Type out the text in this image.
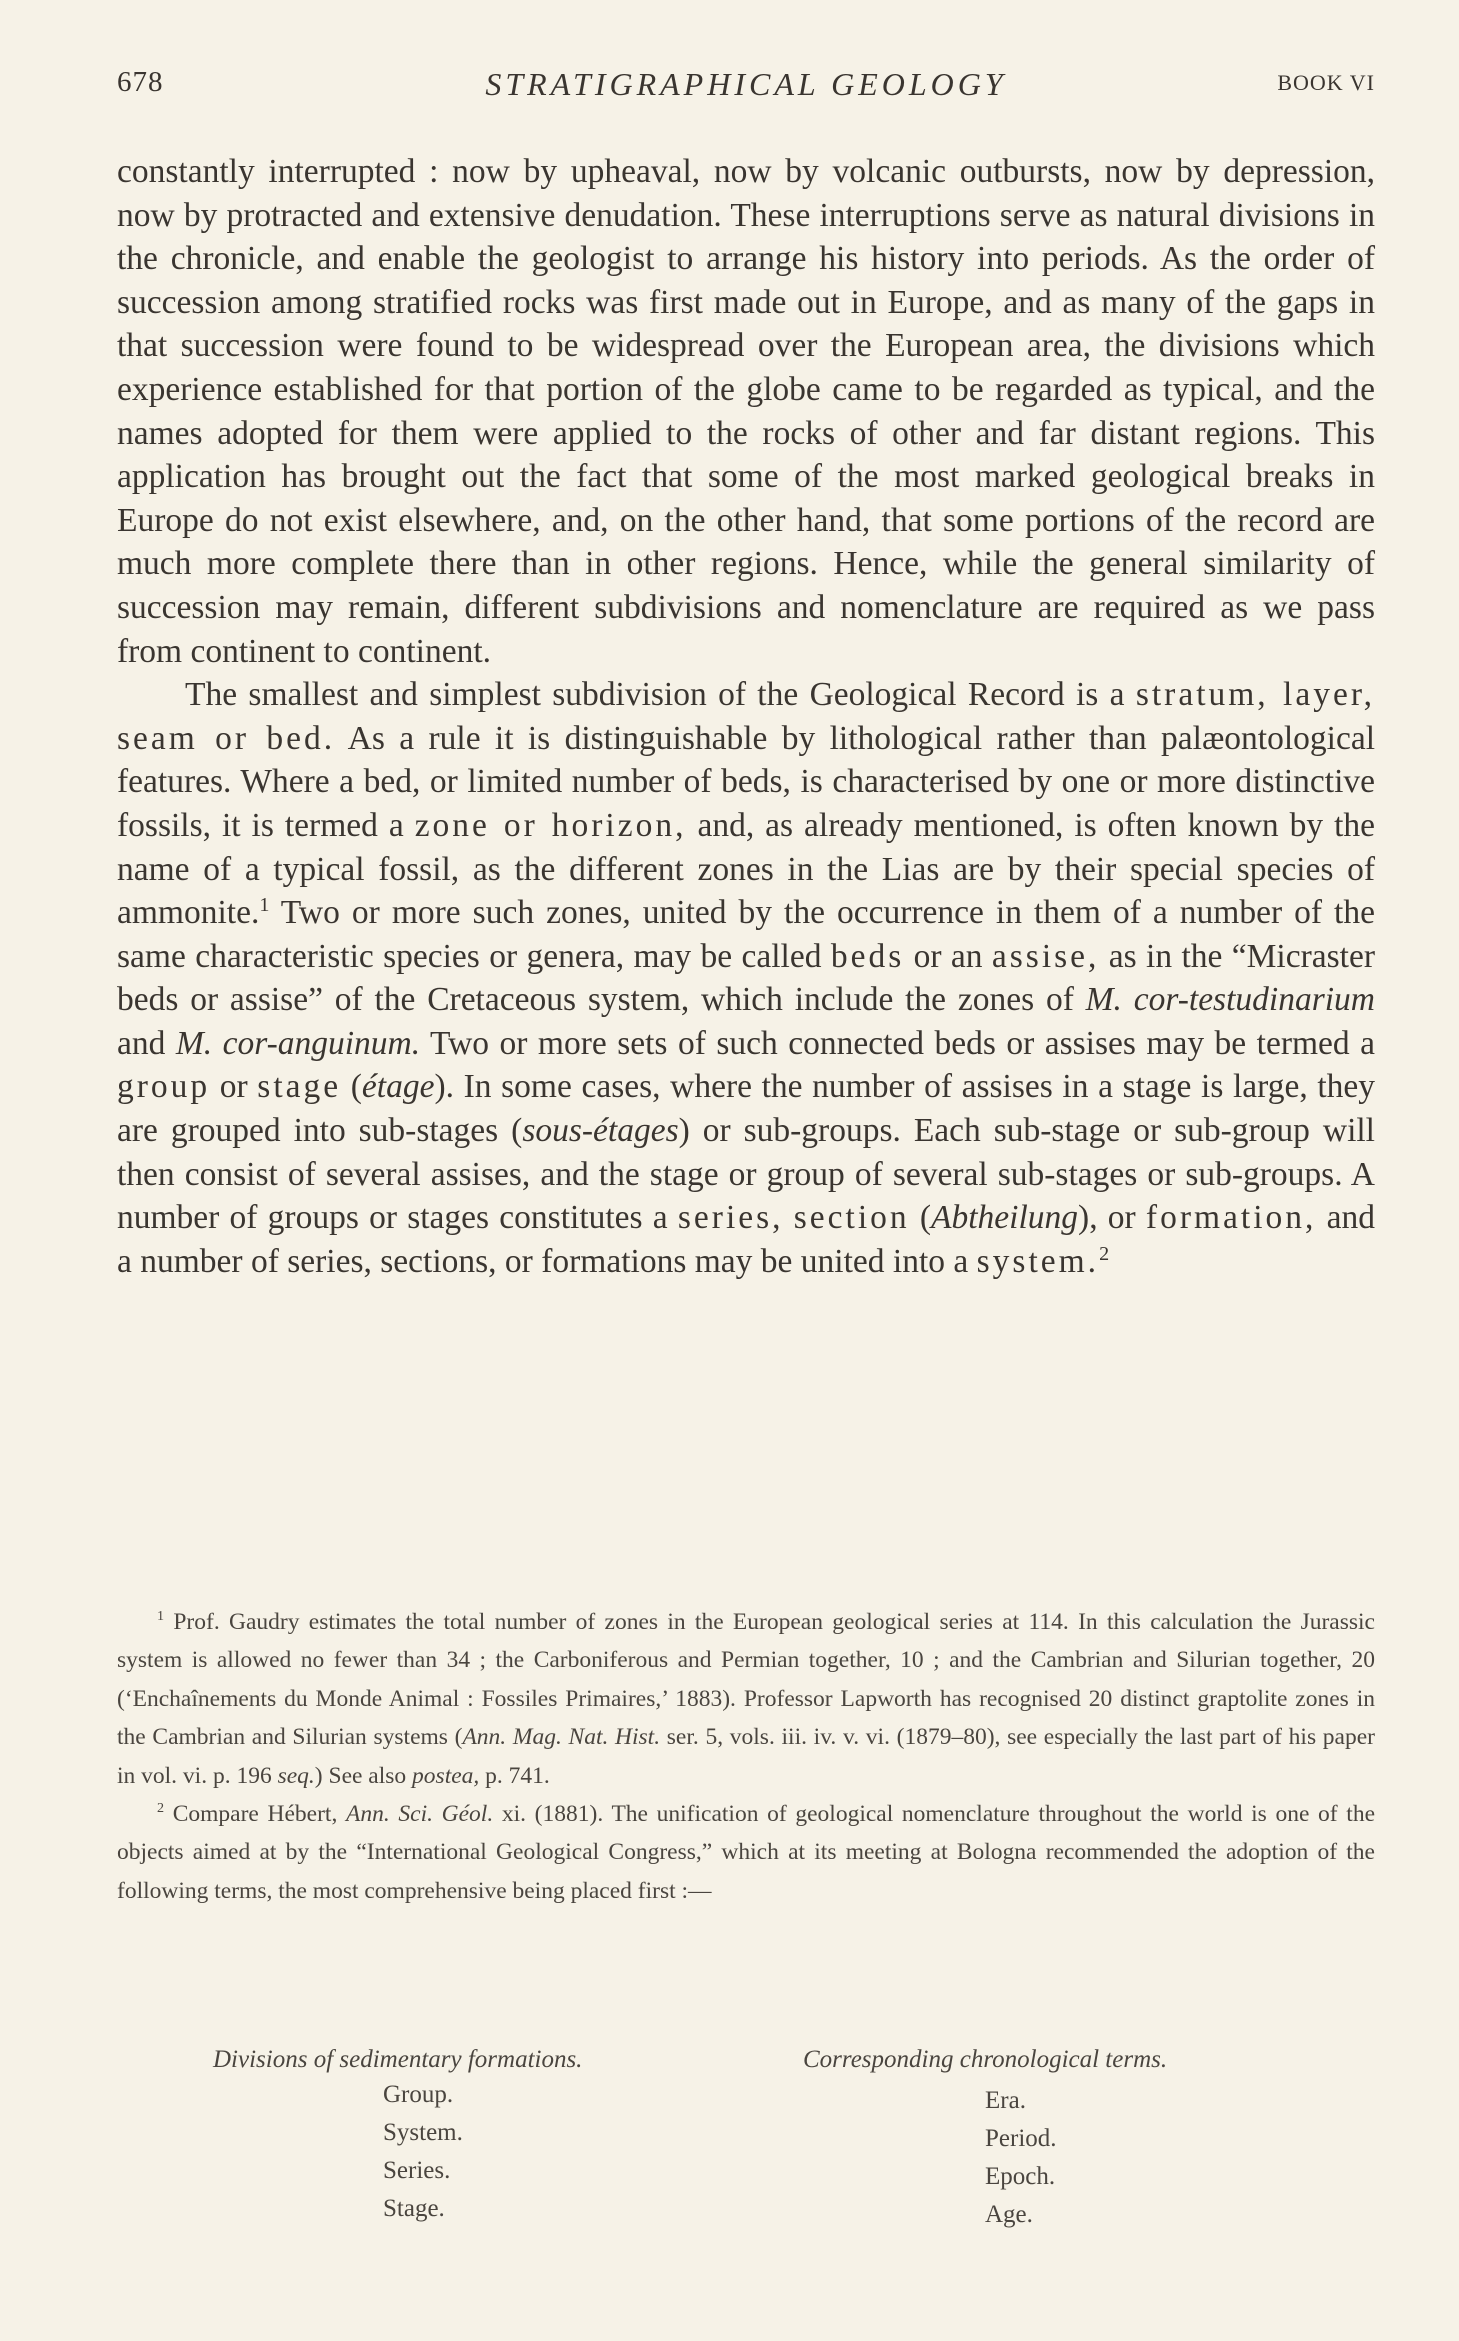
678	STRATIGRAPHICAL GEOLOGY	BOOK VI

constantly interrupted : now by upheaval, now by volcanic outbursts, now by depression, now by protracted and extensive denudation. These interruptions serve as natural divisions in the chronicle, and enable the geologist to arrange his history into periods. As the order of succession among stratified rocks was first made out in Europe, and as many of the gaps in that succession were found to be widespread over the European area, the divisions which experience established for that portion of the globe came to be regarded as typical, and the names adopted for them were applied to the rocks of other and far distant regions. This application has brought out the fact that some of the most marked geological breaks in Europe do not exist elsewhere, and, on the other hand, that some portions of the record are much more complete there than in other regions. Hence, while the general similarity of succession may remain, different subdivisions and nomenclature are required as we pass from continent to continent.

The smallest and simplest subdivision of the Geological Record is a stratum, layer, seam or bed. As a rule it is distinguishable by lithological rather than palæontological features. Where a bed, or limited number of beds, is characterised by one or more distinctive fossils, it is termed a zone or horizon, and, as already mentioned, is often known by the name of a typical fossil, as the different zones in the Lias are by their special species of ammonite.$^1$ Two or more such zones, united by the occurrence in them of a number of the same characteristic species or genera, may be called beds or an assise, as in the “Micraster beds or assise” of the Cretaceous system, which include the zones of M. cor-testudinarium and M. cor-anguinum. Two or more sets of such connected beds or assises may be termed a group or stage (étage). In some cases, where the number of assises in a stage is large, they are grouped into sub-stages (sous-étages) or sub-groups. Each sub-stage or sub-group will then consist of several assises, and the stage or group of several sub-stages or sub-groups. A number of groups or stages constitutes a series, section (Abtheilung), or formation, and a number of series, sections, or formations may be united into a system.$^2$

$^1$ Prof. Gaudry estimates the total number of zones in the European geological series at 114. In this calculation the Jurassic system is allowed no fewer than 34 ; the Carboniferous and Permian together, 10 ; and the Cambrian and Silurian together, 20 (‘Enchaînements du Monde Animal : Fossiles Primaires,’ 1883). Professor Lapworth has recognised 20 distinct graptolite zones in the Cambrian and Silurian systems (Ann. Mag. Nat. Hist. ser. 5, vols. iii. iv. v. vi. (1879–80), see especially the last part of his paper in vol. vi. p. 196 seq.) See also postea, p. 741.

$^2$ Compare Hébert, Ann. Sci. Géol. xi. (1881). The unification of geological nomenclature throughout the world is one of the objects aimed at by the “International Geological Congress,” which at its meeting at Bologna recommended the adoption of the following terms, the most comprehensive being placed first :—

Divisions of sedimentary formations.
Group.
System.
Series.
Stage.
Corresponding chronological terms.
Era.
Period.
Epoch.
Age.
